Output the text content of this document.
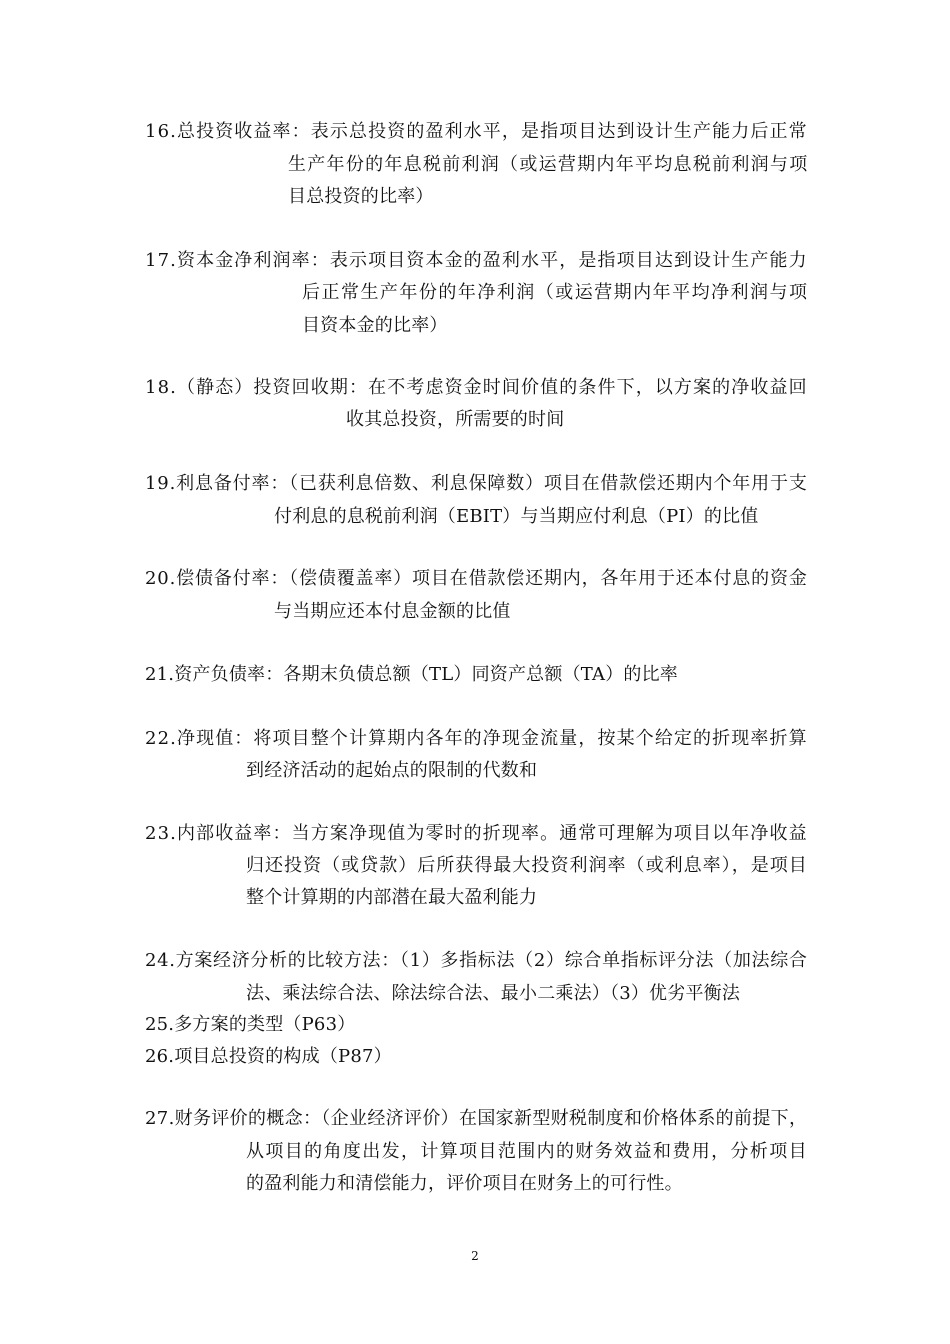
16.总投资收益率：表示总投资的盈利水平，是指项目达到设计生产能力后正常
生产年份的年息税前利润（或运营期内年平均息税前利润与项
目总投资的比率）
17.资本金净利润率：表示项目资本金的盈利水平，是指项目达到设计生产能力
后正常生产年份的年净利润（或运营期内年平均净利润与项
目资本金的比率）
18.（静态）投资回收期：在不考虑资金时间价值的条件下，以方案的净收益回
收其总投资，所需要的时间
19.利息备付率：（已获利息倍数、利息保障数）项目在借款偿还期内个年用于支
付利息的息税前利润（EBIT）与当期应付利息（PI）的比值
20.偿债备付率：（偿债覆盖率）项目在借款偿还期内，各年用于还本付息的资金
与当期应还本付息金额的比值
21.资产负债率：各期末负债总额（TL）同资产总额（TA）的比率
22.净现值：将项目整个计算期内各年的净现金流量，按某个给定的折现率折算
到经济活动的起始点的限制的代数和
23.内部收益率：当方案净现值为零时的折现率。通常可理解为项目以年净收益
归还投资（或贷款）后所获得最大投资利润率（或利息率），是项目
整个计算期的内部潜在最大盈利能力
24.方案经济分析的比较方法：（1）多指标法（2）综合单指标评分法（加法综合
法、乘法综合法、除法综合法、最小二乘法）（3）优劣平衡法
25.多方案的类型（P63）
26.项目总投资的构成（P87）
27.财务评价的概念：（企业经济评价）在国家新型财税制度和价格体系的前提下，
从项目的角度出发，计算项目范围内的财务效益和费用，分析项目
的盈利能力和清偿能力，评价项目在财务上的可行性。
2
